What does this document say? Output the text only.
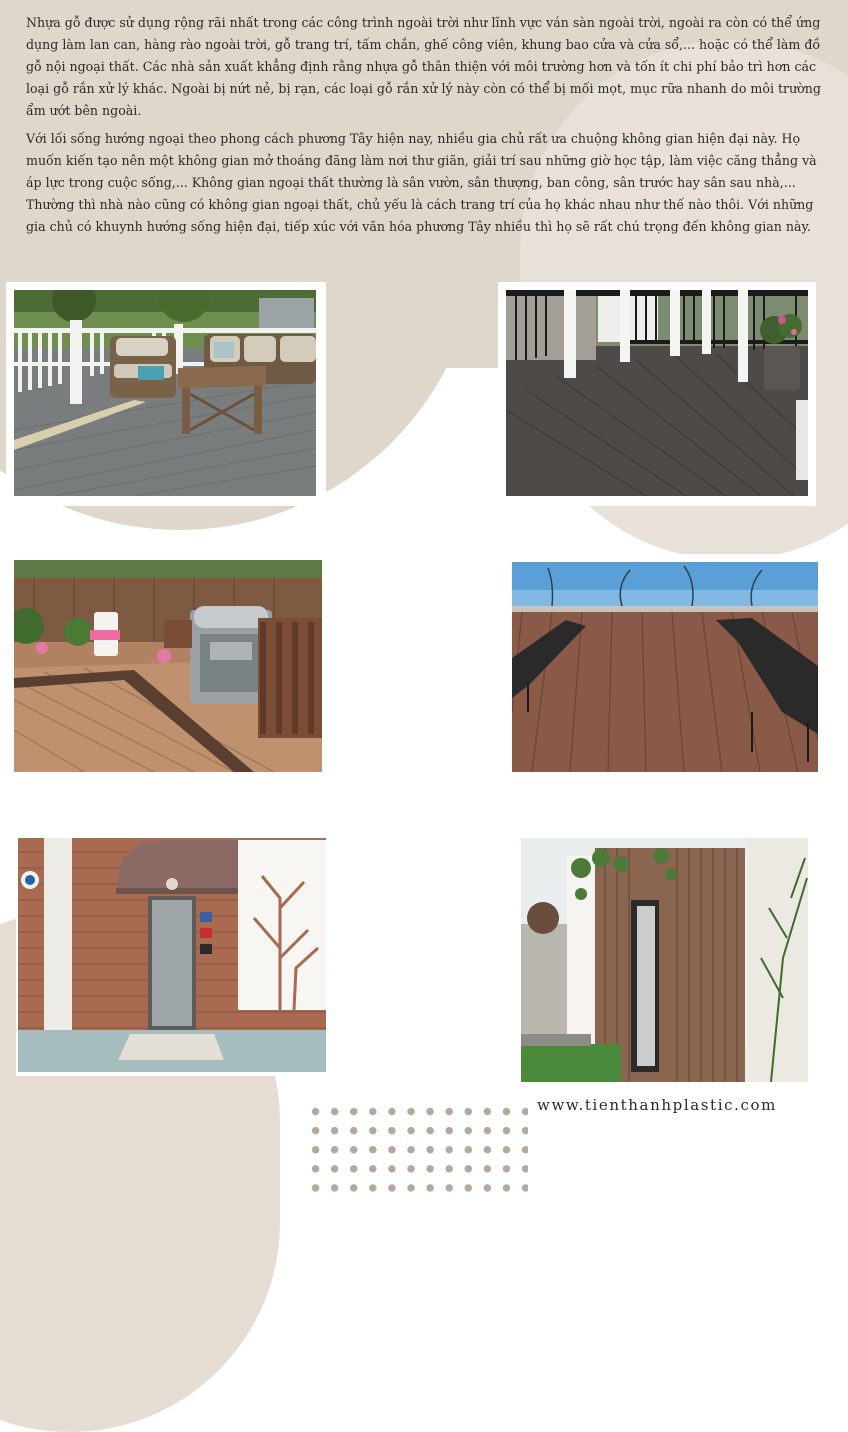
Nhựa gỗ được sử dụng rộng rãi nhất trong các công trình ngoài trời như lĩnh vực ván sàn ngoài trời, ngoài ra còn có thể ứng dụng làm lan can, hàng rào ngoài trời, gỗ trang trí, tấm chắn, ghế công viên, khung bao cửa và cửa sổ,... hoặc có thể làm đồ gỗ nội ngoại thất. Các nhà sản xuất khẳng định rằng nhựa gỗ thân thiện với môi trường hơn và tốn ít chi phí bảo trì hơn các loại gỗ rắn xử lý khác. Ngoài bị nứt nẻ, bị rạn, các loại gỗ rắn xử lý này còn có thể bị mối mọt, mục rữa nhanh do môi trường ẩm ướt bên ngoài.

Với lối sống hướng ngoại theo phong cách phương Tây hiện nay, nhiều gia chủ rất ưa chuộng không gian hiện đại này. Họ muốn kiến tạo nên một không gian mở thoáng đãng làm nơi thư giãn, giải trí sau những giờ học tập, làm việc căng thẳng và áp lực trong cuộc sống,... Không gian ngoại thất thường là sân vườn, sân thượng, ban công, sân trước hay sân sau nhà,... Thường thì nhà nào cũng có không gian ngoại thất, chủ yếu là cách trang trí của họ khác nhau như thế nào thôi. Với những gia chủ có khuynh hướng sống hiện đại, tiếp xúc với văn hóa phương Tây nhiều thì họ sẽ rất chú trọng đến không gian này.

www.tienthanhplastic.com
